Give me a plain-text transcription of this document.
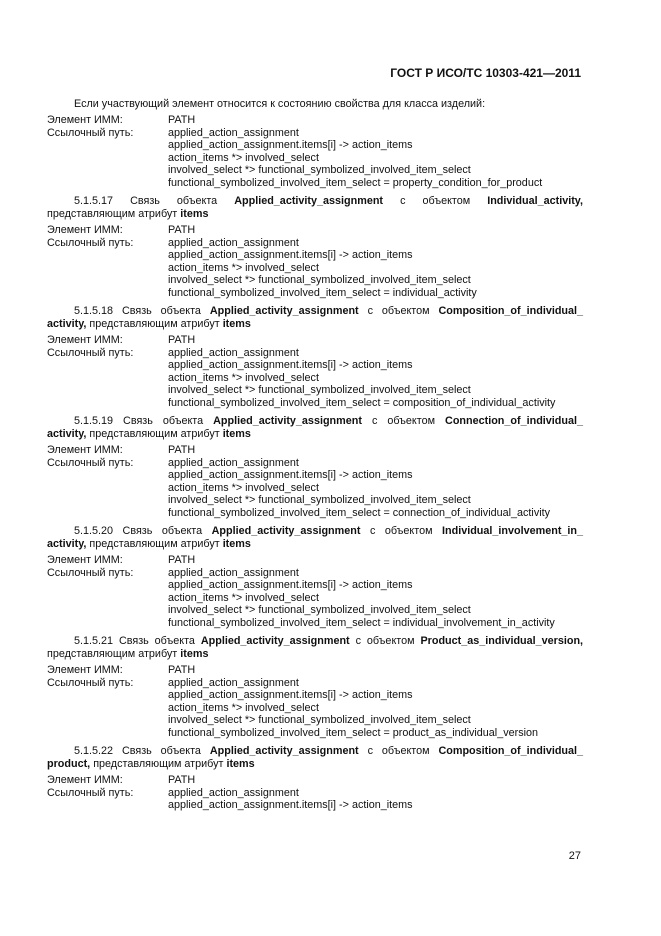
ГОСТ Р ИСО/ТС 10303-421—2011

Если участвующий элемент относится к состоянию свойства для класса изделий:

Элемент ИММ:	PATH
Ссылочный путь:	applied_action_assignment
applied_action_assignment.items[i] -> action_items
action_items *> involved_select
involved_select *> functional_symbolized_involved_item_select
functional_symbolized_involved_item_select = property_condition_for_product

5.1.5.17 Связь объекта Applied_activity_assignment с объектом Individual_activity, представляющим атрибут items

Элемент ИММ:	PATH
Ссылочный путь:	applied_action_assignment
applied_action_assignment.items[i] -> action_items
action_items *> involved_select
involved_select *> functional_symbolized_involved_item_select
functional_symbolized_involved_item_select = individual_activity

5.1.5.18 Связь объекта Applied_activity_assignment с объектом Composition_of_individual_ activity, представляющим атрибут items

Элемент ИММ:	PATH
Ссылочный путь:	applied_action_assignment
applied_action_assignment.items[i] -> action_items
action_items *> involved_select
involved_select *> functional_symbolized_involved_item_select
functional_symbolized_involved_item_select = composition_of_individual_activity

5.1.5.19 Связь объекта Applied_activity_assignment с объектом Connection_of_individual_ activity, представляющим атрибут items

Элемент ИММ:	PATH
Ссылочный путь:	applied_action_assignment
applied_action_assignment.items[i] -> action_items
action_items *> involved_select
involved_select *> functional_symbolized_involved_item_select
functional_symbolized_involved_item_select = connection_of_individual_activity

5.1.5.20 Связь объекта Applied_activity_assignment с объектом Individual_involvement_in_ activity, представляющим атрибут items

Элемент ИММ:	PATH
Ссылочный путь:	applied_action_assignment
applied_action_assignment.items[i] -> action_items
action_items *> involved_select
involved_select *> functional_symbolized_involved_item_select
functional_symbolized_involved_item_select = individual_involvement_in_activity

5.1.5.21 Связь объекта Applied_activity_assignment с объектом Product_as_individual_version, представляющим атрибут items

Элемент ИММ:	PATH
Ссылочный путь:	applied_action_assignment
applied_action_assignment.items[i] -> action_items
action_items *> involved_select
involved_select *> functional_symbolized_involved_item_select
functional_symbolized_involved_item_select = product_as_individual_version

5.1.5.22 Связь объекта Applied_activity_assignment с объектом Composition_of_individual_ product, представляющим атрибут items

Элемент ИММ:	PATH
Ссылочный путь:	applied_action_assignment
applied_action_assignment.items[i] -> action_items
27
